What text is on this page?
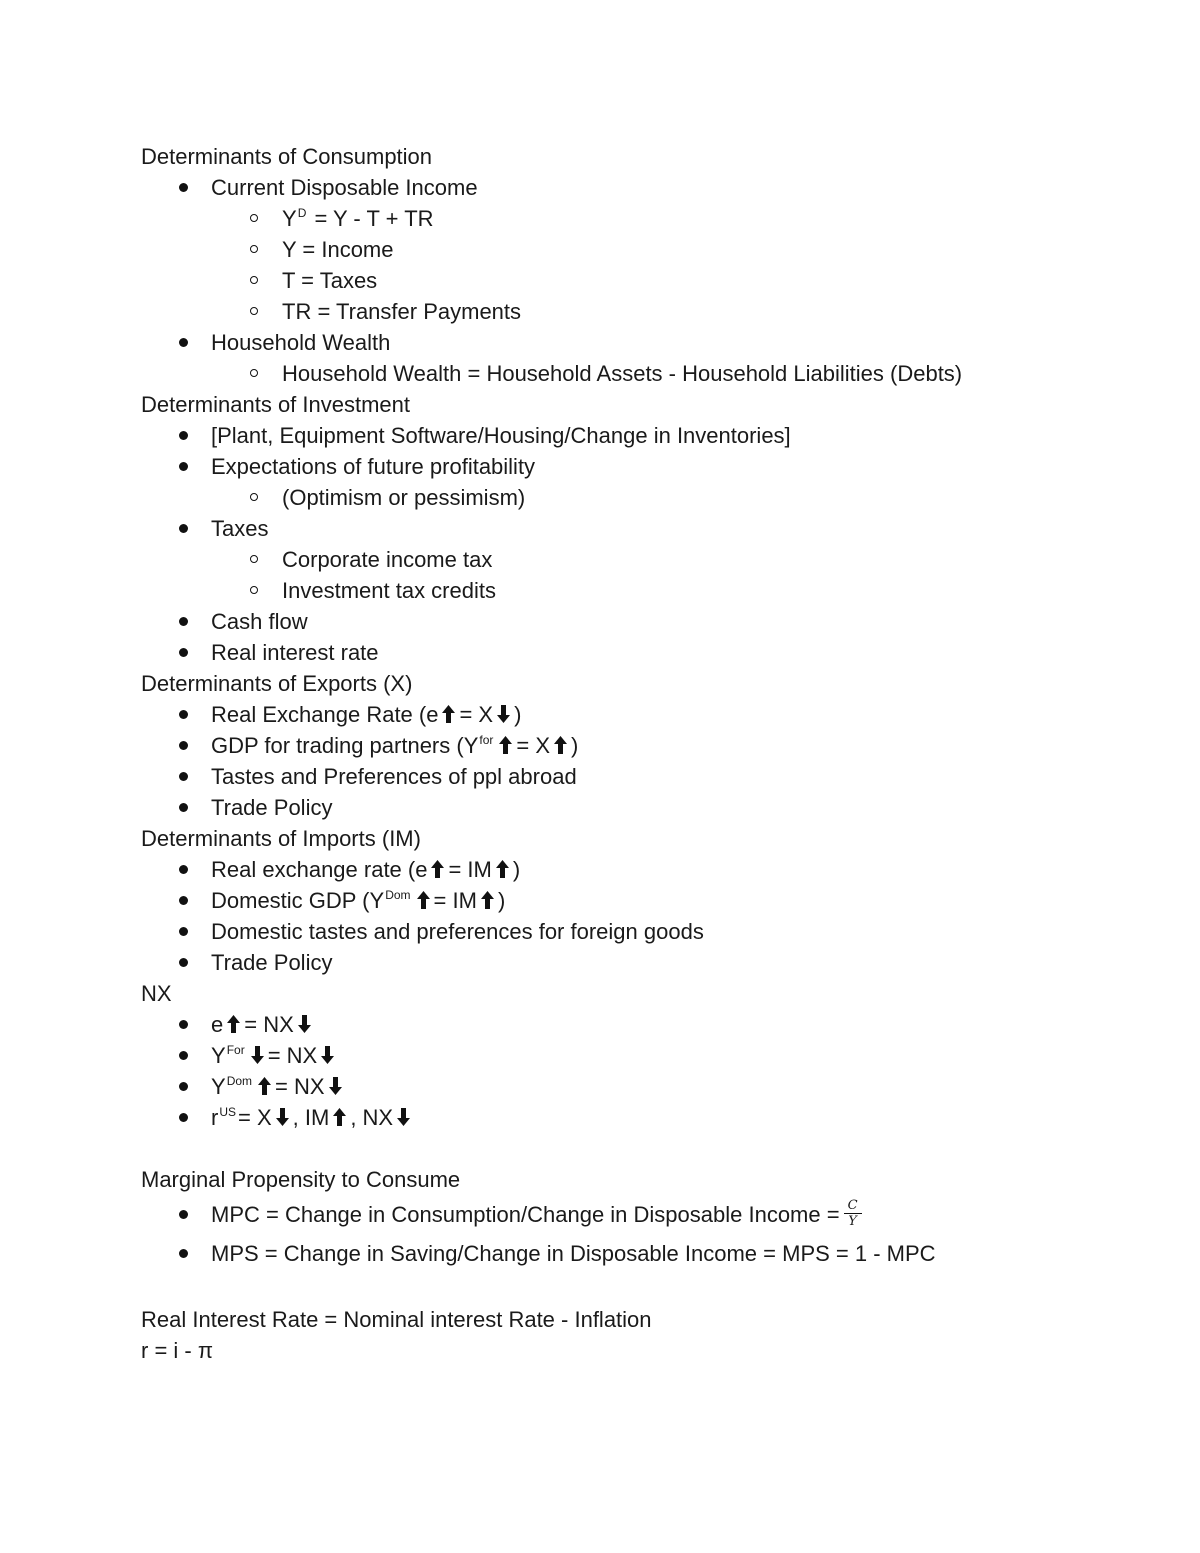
Determinants of Consumption
Current Disposable Income
$Y^D = Y - T$ + TR
Y = Income
T = Taxes
TR = Transfer Payments
Household Wealth
Household Wealth = Household Assets - Household Liabilities (Debts)
Determinants of Investment
[Plant, Equipment Software/Housing/Change in Inventories]
Expectations of future profitability
(Optimism or pessimism)
Taxes
Corporate income tax
Investment tax credits
Cash flow
Real interest rate
Determinants of Exports (X)
Real Exchange Rate (e = X )
GDP for trading partners ($Y^{for} = X$ )
Tastes and Preferences of ppl abroad
Trade Policy
Determinants of Imports (IM)
Real exchange rate (e = IM )
Domestic GDP ($Y^{Dom}$ = IM )
Domestic tastes and preferences for foreign goods
Trade Policy
NX
e = NX
$Y^{For}$ = NX
$Y^{Dom}$ = NX
$r^{US}= X$ , IM , NX
Marginal Propensity to Consume
MPC = Change in Consumption/Change in Disposable Income = $\frac{C}{Y}$
MPS = Change in Saving/Change in Disposable Income = MPS = 1 - MPC
Real Interest Rate = Nominal interest Rate - Inflation
r = i - π
